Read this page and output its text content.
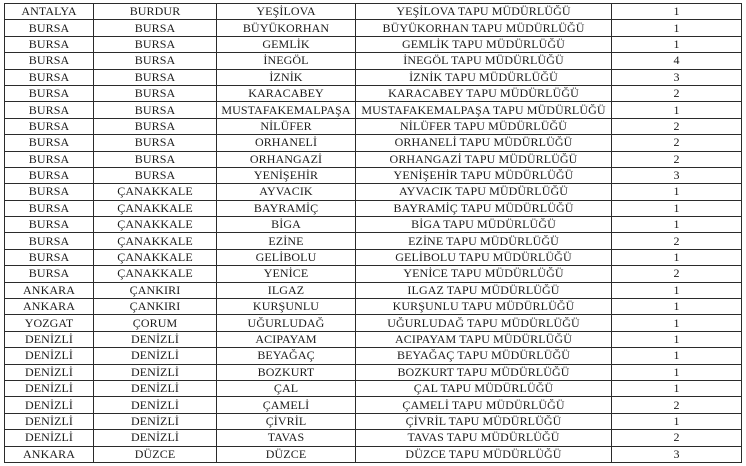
ANTALYA	BURDUR	YEŞİLOVA	YEŞİLOVA TAPU MÜDÜRLÜĞÜ	1
BURSA	BURSA	BÜYÜKORHAN	BÜYÜKORHAN TAPU MÜDÜRLÜĞÜ	1
BURSA	BURSA	GEMLİK	GEMLİK TAPU MÜDÜRLÜĞÜ	1
BURSA	BURSA	İNEGÖL	İNEGÖL TAPU MÜDÜRLÜĞÜ	4
BURSA	BURSA	İZNİK	İZNİK TAPU MÜDÜRLÜĞÜ	3
BURSA	BURSA	KARACABEY	KARACABEY TAPU MÜDÜRLÜĞÜ	2
BURSA	BURSA	MUSTAFAKEMALPAŞA	MUSTAFAKEMALPAŞA TAPU MÜDÜRLÜĞÜ	1
BURSA	BURSA	NİLÜFER	NİLÜFER TAPU MÜDÜRLÜĞÜ	2
BURSA	BURSA	ORHANELİ	ORHANELİ TAPU MÜDÜRLÜĞÜ	2
BURSA	BURSA	ORHANGAZİ	ORHANGAZİ TAPU MÜDÜRLÜĞÜ	2
BURSA	BURSA	YENİŞEHİR	YENİŞEHİR TAPU MÜDÜRLÜĞÜ	3
BURSA	ÇANAKKALE	AYVACIK	AYVACIK TAPU MÜDÜRLÜĞÜ	1
BURSA	ÇANAKKALE	BAYRAMİÇ	BAYRAMİÇ TAPU MÜDÜRLÜĞÜ	1
BURSA	ÇANAKKALE	BİGA	BİGA TAPU MÜDÜRLÜĞÜ	1
BURSA	ÇANAKKALE	EZİNE	EZİNE TAPU MÜDÜRLÜĞÜ	2
BURSA	ÇANAKKALE	GELİBOLU	GELİBOLU TAPU MÜDÜRLÜĞÜ	1
BURSA	ÇANAKKALE	YENİCE	YENİCE TAPU MÜDÜRLÜĞÜ	2
ANKARA	ÇANKIRI	ILGAZ	ILGAZ TAPU MÜDÜRLÜĞÜ	1
ANKARA	ÇANKIRI	KURŞUNLU	KURŞUNLU TAPU MÜDÜRLÜĞÜ	1
YOZGAT	ÇORUM	UĞURLUDAĞ	UĞURLUDAĞ TAPU MÜDÜRLÜĞÜ	1
DENİZLİ	DENİZLİ	ACIPAYAM	ACIPAYAM TAPU MÜDÜRLÜĞÜ	1
DENİZLİ	DENİZLİ	BEYAĞAÇ	BEYAĞAÇ TAPU MÜDÜRLÜĞÜ	1
DENİZLİ	DENİZLİ	BOZKURT	BOZKURT TAPU MÜDÜRLÜĞÜ	1
DENİZLİ	DENİZLİ	ÇAL	ÇAL TAPU MÜDÜRLÜĞÜ	1
DENİZLİ	DENİZLİ	ÇAMELİ	ÇAMELİ TAPU MÜDÜRLÜĞÜ	2
DENİZLİ	DENİZLİ	ÇİVRİL	ÇİVRİL TAPU MÜDÜRLÜĞÜ	1
DENİZLİ	DENİZLİ	TAVAS	TAVAS TAPU MÜDÜRLÜĞÜ	2
ANKARA	DÜZCE	DÜZCE	DÜZCE TAPU MÜDÜRLÜĞÜ	3
